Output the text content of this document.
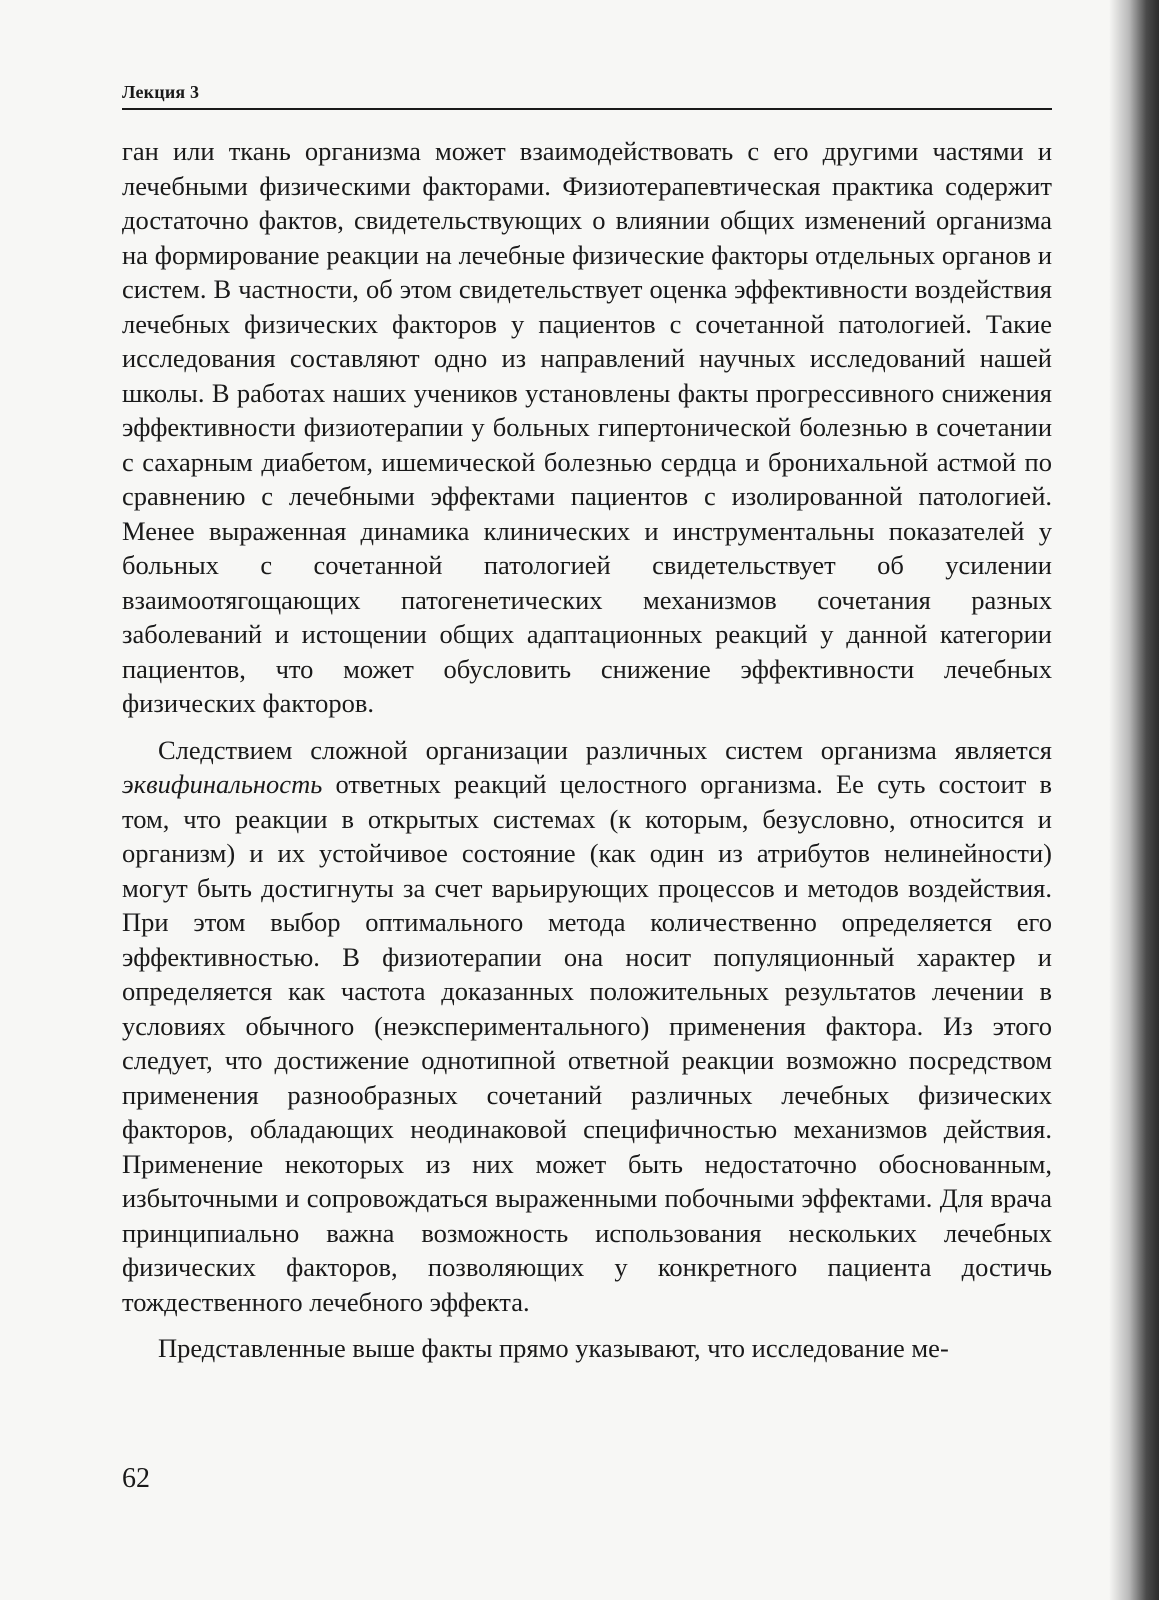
Лекция 3

ган или ткань организма может взаимодействовать с его другими частями и лечебными физическими факторами. Физиотерапевтическая практика содержит достаточно фактов, свидетельствующих о влиянии общих изменений организма на формирование реакции на лечебные физические факторы отдельных органов и систем. В частности, об этом свидетельствует оценка эффективности воздействия лечебных физических факторов у пациентов с сочетанной патологией. Такие исследования составляют одно из направлений научных исследований нашей школы. В работах наших учеников установлены факты прогрессивного снижения эффективности физиотерапии у больных гипертонической болезнью в сочетании с сахарным диабетом, ишемической болезнью сердца и бронихальной астмой по сравнению с лечебными эффектами пациентов с изолированной патологией. Менее выраженная динамика клинических и инструментальны показателей у больных с сочетанной патологией свидетельствует об усилении взаимоотягощающих патогенетических механизмов сочетания разных заболеваний и истощении общих адаптационных реакций у данной категории пациентов, что может обусловить снижение эффективности лечебных физических факторов.

Следствием сложной организации различных систем организма является эквифинальность ответных реакций целостного организма. Ее суть состоит в том, что реакции в открытых системах (к которым, безусловно, относится и организм) и их устойчивое состояние (как один из атрибутов нелинейности) могут быть достигнуты за счет варьирующих процессов и методов воздействия. При этом выбор оптимального метода количественно определяется его эффективностью. В физиотерапии она носит популяционный характер и определяется как частота доказанных положительных результатов лечении в условиях обычного (неэкспериментального) применения фактора. Из этого следует, что достижение однотипной ответной реакции возможно посредством применения разнообразных сочетаний различных лечебных физических факторов, обладающих неодинаковой специфичностью механизмов действия. Применение некоторых из них может быть недостаточно обоснованным, избыточными и сопровождаться выраженными побочными эффектами. Для врача принципиально важна возможность использования нескольких лечебных физических факторов, позволяющих у конкретного пациента достичь тождественного лечебного эффекта.

Представленные выше факты прямо указывают, что исследование ме-

62
